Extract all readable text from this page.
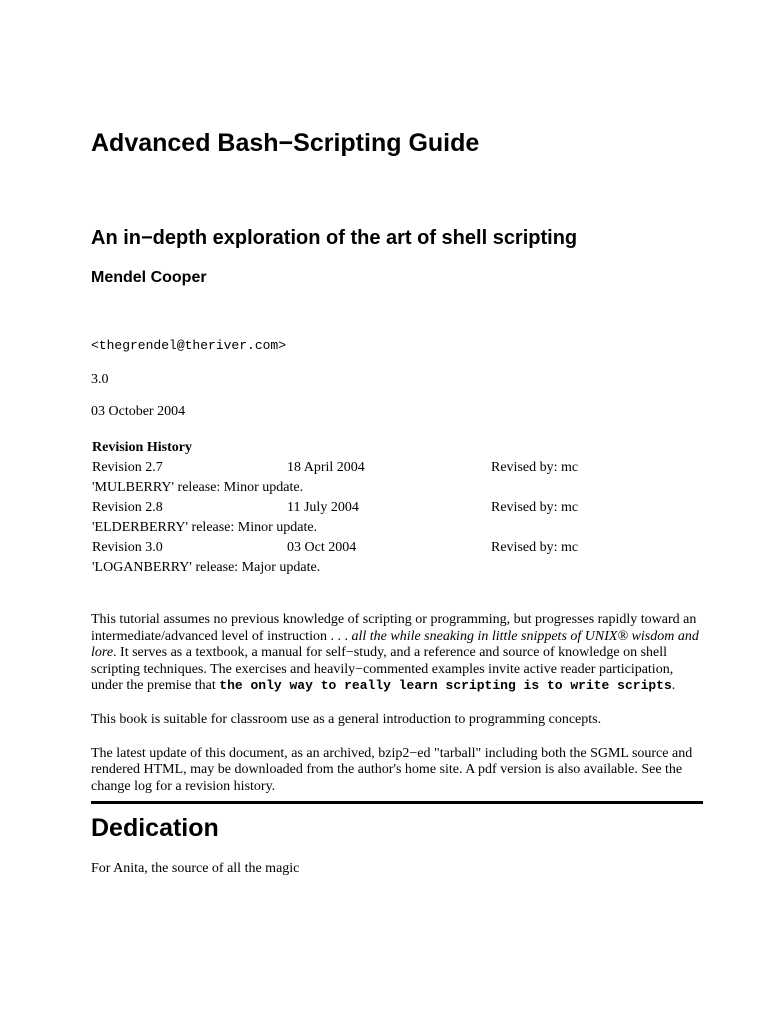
Advanced Bash−Scripting Guide
An in−depth exploration of the art of shell scripting
Mendel Cooper
<thegrendel@theriver.com>
3.0
03 October 2004
Revision History
Revision 2.7	18 April 2004	Revised by: mc
'MULBERRY' release: Minor update.
Revision 2.8	11 July 2004	Revised by: mc
'ELDERBERRY' release: Minor update.
Revision 3.0	03 Oct 2004	Revised by: mc
'LOGANBERRY' release: Major update.

This tutorial assumes no previous knowledge of scripting or programming, but progresses rapidly toward an intermediate/advanced level of instruction . . . all the while sneaking in little snippets of UNIX® wisdom and lore. It serves as a textbook, a manual for self−study, and a reference and source of knowledge on shell scripting techniques. The exercises and heavily−commented examples invite active reader participation, under the premise that the only way to really learn scripting is to write scripts.

This book is suitable for classroom use as a general introduction to programming concepts.

The latest update of this document, as an archived, bzip2−ed "tarball" including both the SGML source and rendered HTML, may be downloaded from the author's home site. A pdf version is also available. See the change log for a revision history.

Dedication
For Anita, the source of all the magic
